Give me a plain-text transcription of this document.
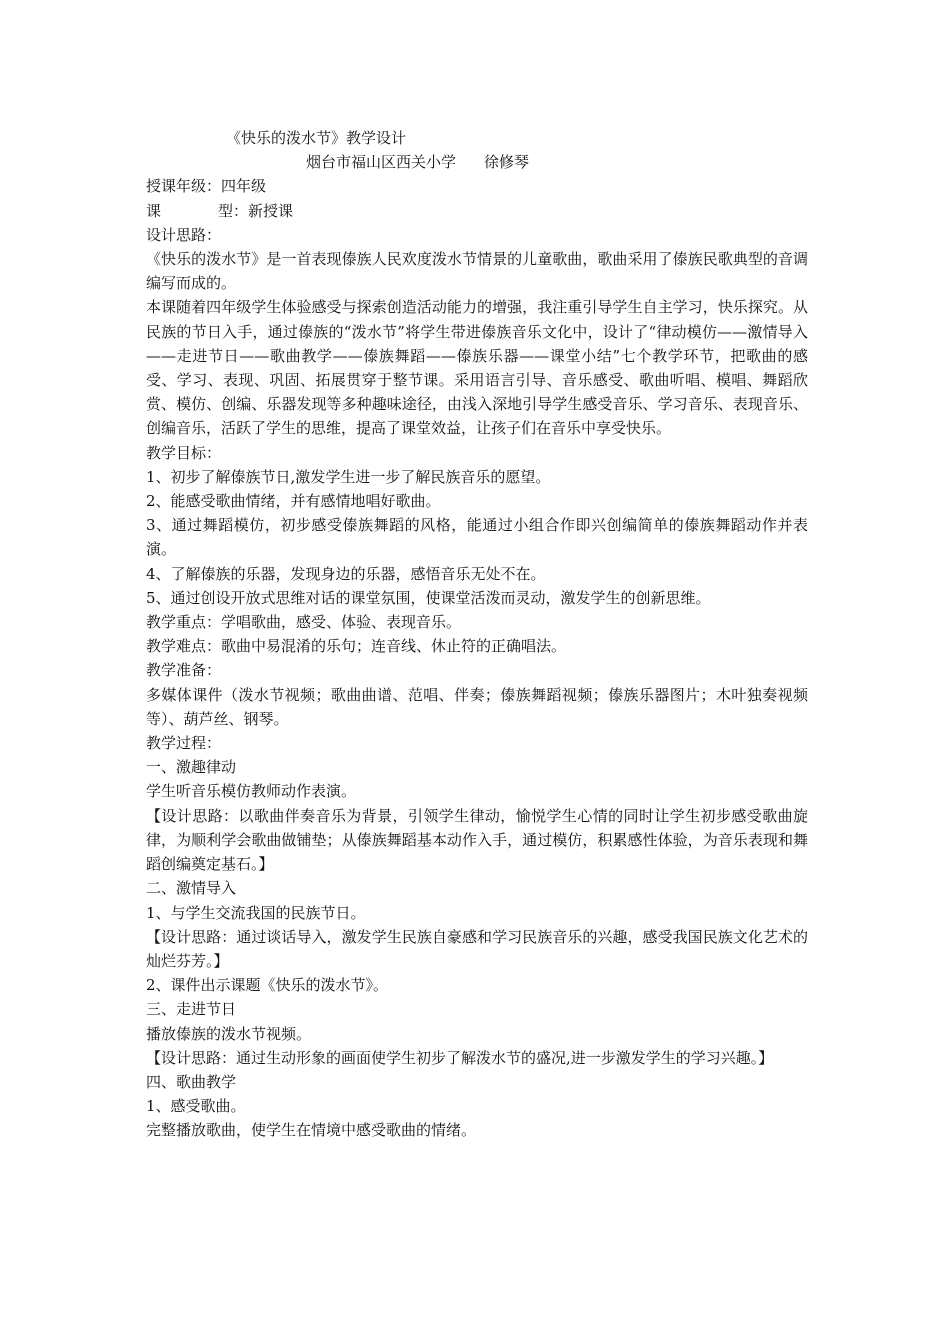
《快乐的泼水节》教学设计
烟台市福山区西关小学 徐修琴
授课年级：四年级
课	型：新授课
设计思路：
《快乐的泼水节》是一首表现傣族人民欢度泼水节情景的儿童歌曲，歌曲采用了傣族民歌典型的音调编写而成的。
本课随着四年级学生体验感受与探索创造活动能力的增强，我注重引导学生自主学习，快乐探究。从民族的节日入手，通过傣族的“泼水节”将学生带进傣族音乐文化中，设计了“律动模仿——激情导入——走进节日——歌曲教学——傣族舞蹈——傣族乐器——课堂小结”七个教学环节，把歌曲的感受、学习、表现、巩固、拓展贯穿于整节课。采用语言引导、音乐感受、歌曲听唱、模唱、舞蹈欣赏、模仿、创编、乐器发现等多种趣味途径，由浅入深地引导学生感受音乐、学习音乐、表现音乐、创编音乐，活跃了学生的思维，提高了课堂效益，让孩子们在音乐中享受快乐。
教学目标：
1、初步了解傣族节日,激发学生进一步了解民族音乐的愿望。
2、能感受歌曲情绪，并有感情地唱好歌曲。
3、通过舞蹈模仿，初步感受傣族舞蹈的风格，能通过小组合作即兴创编简单的傣族舞蹈动作并表演。
4、了解傣族的乐器，发现身边的乐器，感悟音乐无处不在。
5、通过创设开放式思维对话的课堂氛围，使课堂活泼而灵动，激发学生的创新思维。
教学重点：学唱歌曲，感受、体验、表现音乐。
教学难点：歌曲中易混淆的乐句；连音线、休止符的正确唱法。
教学准备：
多媒体课件（泼水节视频；歌曲曲谱、范唱、伴奏；傣族舞蹈视频；傣族乐器图片；木叶独奏视频等）、葫芦丝、钢琴。
教学过程：
一、激趣律动
学生听音乐模仿教师动作表演。
【设计思路：以歌曲伴奏音乐为背景，引领学生律动，愉悦学生心情的同时让学生初步感受歌曲旋律，为顺利学会歌曲做铺垫；从傣族舞蹈基本动作入手，通过模仿，积累感性体验，为音乐表现和舞蹈创编奠定基石。】
二、激情导入
1、与学生交流我国的民族节日。
【设计思路：通过谈话导入，激发学生民族自豪感和学习民族音乐的兴趣，感受我国民族文化艺术的灿烂芬芳。】
2、课件出示课题《快乐的泼水节》。
三、走进节日
播放傣族的泼水节视频。
【设计思路：通过生动形象的画面使学生初步了解泼水节的盛况,进一步激发学生的学习兴趣。】
四、歌曲教学
1、感受歌曲。
完整播放歌曲，使学生在情境中感受歌曲的情绪。
